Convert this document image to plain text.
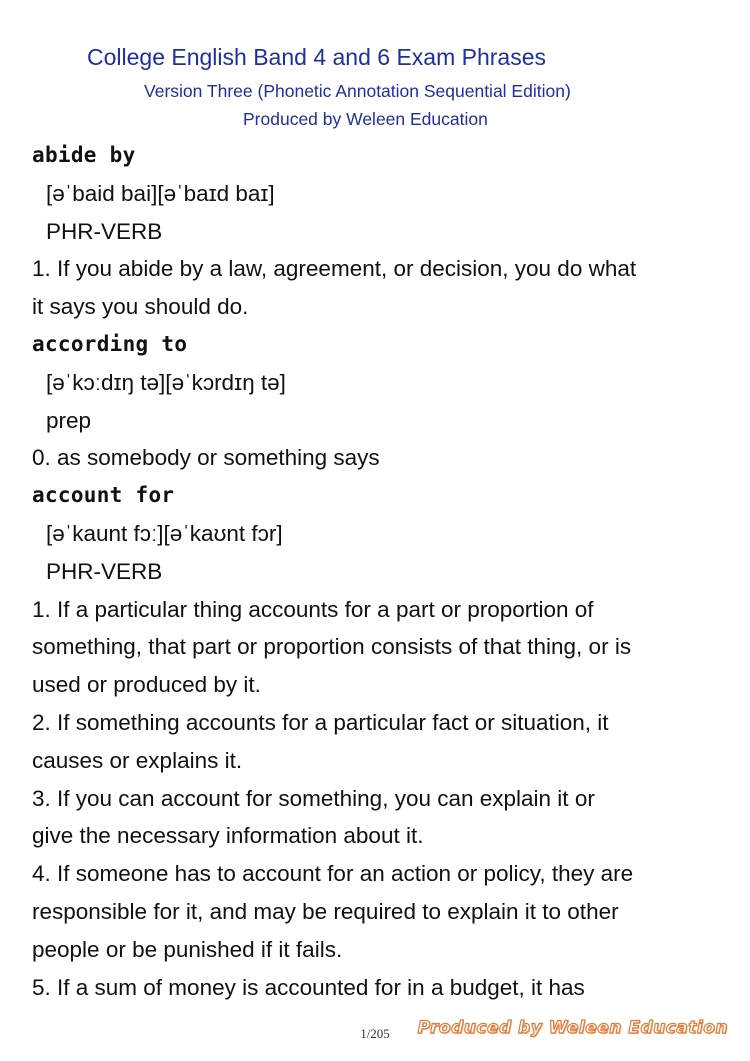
College English Band 4 and 6 Exam Phrases
Version Three (Phonetic Annotation Sequential Edition)
Produced by Weleen Education
abide by
[əˈbaid bai][əˈbaɪd baɪ]
PHR-VERB
1. If you abide by a law, agreement, or decision, you do what
it says you should do.
according to
[əˈkɔːdɪŋ tə][əˈkɔrdɪŋ tə]
prep
0. as somebody or something says
account for
[əˈkaunt fɔː][əˈkaʊnt fɔr]
PHR-VERB
1. If a particular thing accounts for a part or proportion of
something, that part or proportion consists of that thing, or is
used or produced by it.
2. If something accounts for a particular fact or situation, it
causes or explains it.
3. If you can account for something, you can explain it or
give the necessary information about it.
4. If someone has to account for an action or policy, they are
responsible for it, and may be required to explain it to other
people or be punished if it fails.
5. If a sum of money is accounted for in a budget, it has
1/205	Produced by Weleen Education
